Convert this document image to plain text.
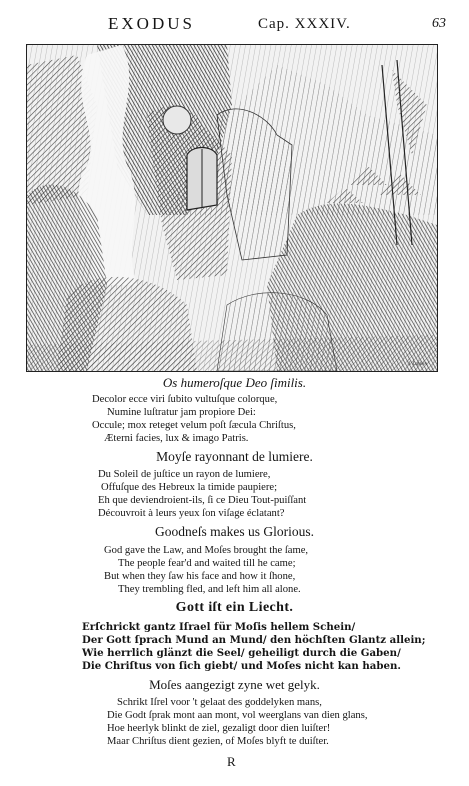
EXODUS	Cap. XXXIV.	63
J. Luyken
Os humeroſque Deo ſimilis.
Decolor ecce viri ſubito vultuſque colorque,
Numine luſtratur jam propiore Dei:
Occule; mox reteget velum poſt ſæcula Chriſtus,
Æterni facies, lux & imago Patris.
Moyſe rayonnant de lumiere.
Du Soleil de juſtice un rayon de lumiere,
Offuſque des Hebreux la timide paupiere;
Eh que deviendroient-ils, ſi ce Dieu Tout-puiſſant
Découvroit à leurs yeux ſon viſage éclatant?
Goodneſs makes us Glorious.
God gave the Law, and Moſes brought the ſame,
The people fear'd and waited till he came;
But when they ſaw his face and how it ſhone,
They trembling fled, and left him all alone.
Gott iſt ein Liecht.
Erſchrickt gantz Iſrael für Moſis hellem Schein/
Der Gott ſprach Mund an Mund/ den höchſten Glantz allein;
Wie herrlich glänzt die Seel/ geheiligt durch die Gaben/
Die Chriſtus von ſich giebt/ und Moſes nicht kan haben.
Moſes aangezigt zyne wet gelyk.
Schrikt Iſrel voor 't gelaat des goddelyken mans,
Die Godt ſprak mont aan mont, vol weerglans van dien glans,
Hoe heerlyk blinkt de ziel, gezaligt door dien luiſter!
Maar Chriſtus dient gezien, of Moſes blyft te duiſter.
R
